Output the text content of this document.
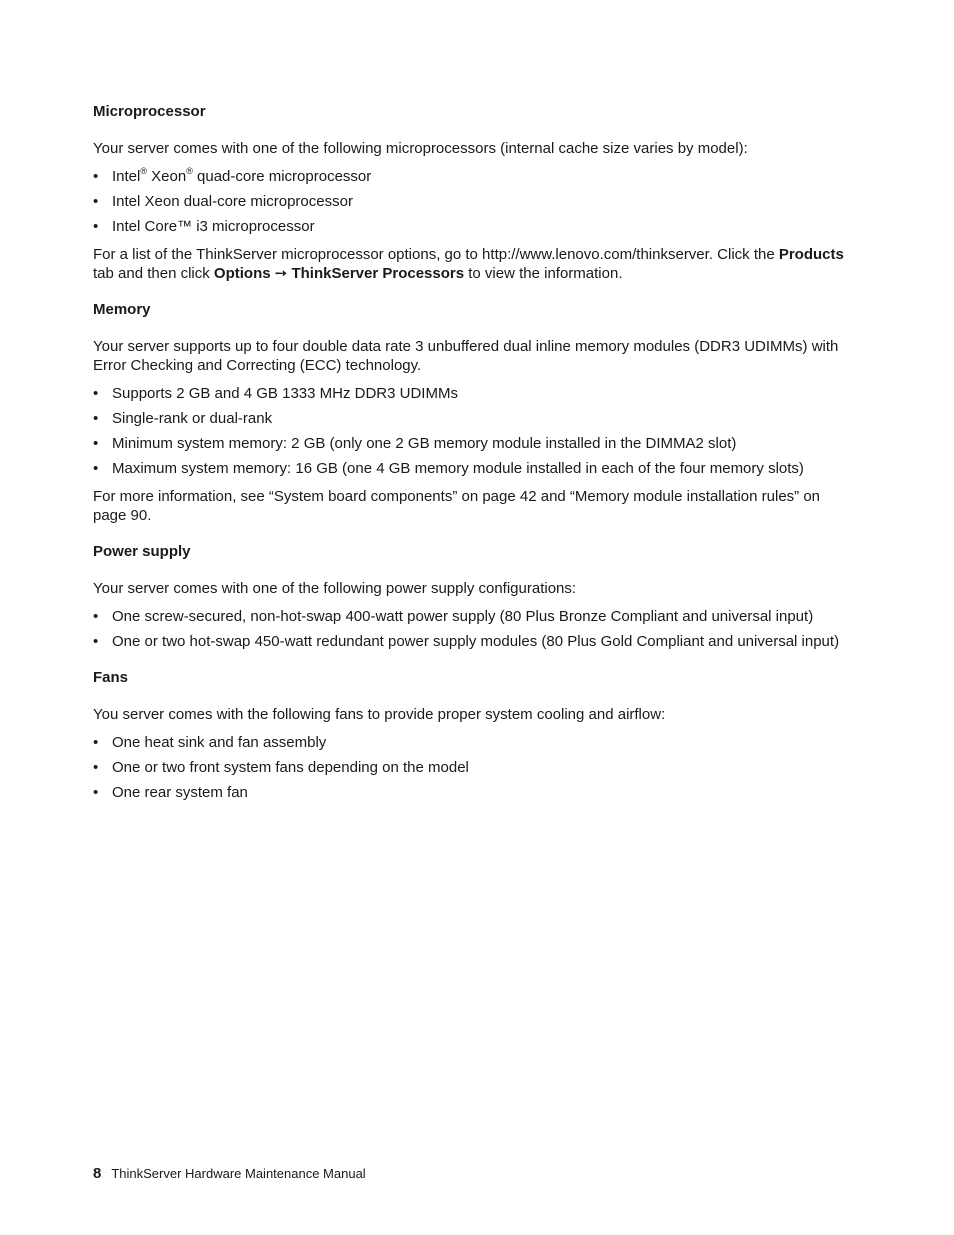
Microprocessor

Your server comes with one of the following microprocessors (internal cache size varies by model):

• Intel® Xeon® quad-core microprocessor
• Intel Xeon dual-core microprocessor
• Intel Core™ i3 microprocessor

For a list of the ThinkServer microprocessor options, go to http://www.lenovo.com/thinkserver. Click the Products tab and then click Options ➙ ThinkServer Processors to view the information.

Memory

Your server supports up to four double data rate 3 unbuffered dual inline memory modules (DDR3 UDIMMs) with Error Checking and Correcting (ECC) technology.

• Supports 2 GB and 4 GB 1333 MHz DDR3 UDIMMs
• Single-rank or dual-rank
• Minimum system memory: 2 GB (only one 2 GB memory module installed in the DIMMA2 slot)
• Maximum system memory: 16 GB (one 4 GB memory module installed in each of the four memory slots)

For more information, see “System board components” on page 42 and “Memory module installation rules” on page 90.

Power supply

Your server comes with one of the following power supply configurations:

• One screw-secured, non-hot-swap 400-watt power supply (80 Plus Bronze Compliant and universal input)
• One or two hot-swap 450-watt redundant power supply modules (80 Plus Gold Compliant and universal input)
Fans

You server comes with the following fans to provide proper system cooling and airflow:

• One heat sink and fan assembly
• One or two front system fans depending on the model
• One rear system fan
8 ThinkServer Hardware Maintenance Manual
